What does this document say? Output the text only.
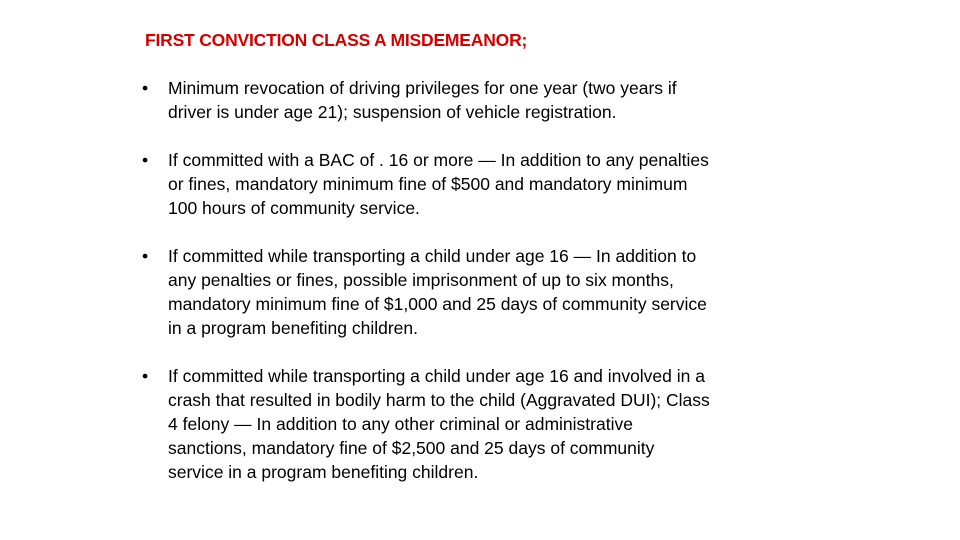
FIRST CONVICTION CLASS A MISDEMEANOR;
• Minimum revocation of driving privileges for one year (two years if
driver is under age 21); suspension of vehicle registration.
• If committed with a BAC of . 16 or more — In addition to any penalties
or fines, mandatory minimum fine of $500 and mandatory minimum
100 hours of community service.
• If committed while transporting a child under age 16 — In addition to
any penalties or fines, possible imprisonment of up to six months,
mandatory minimum fine of $1,000 and 25 days of community service
in a program benefiting children.
• If committed while transporting a child under age 16 and involved in a
crash that resulted in bodily harm to the child (Aggravated DUI); Class
4 felony — In addition to any other criminal or administrative
sanctions, mandatory fine of $2,500 and 25 days of community
service in a program benefiting children.
